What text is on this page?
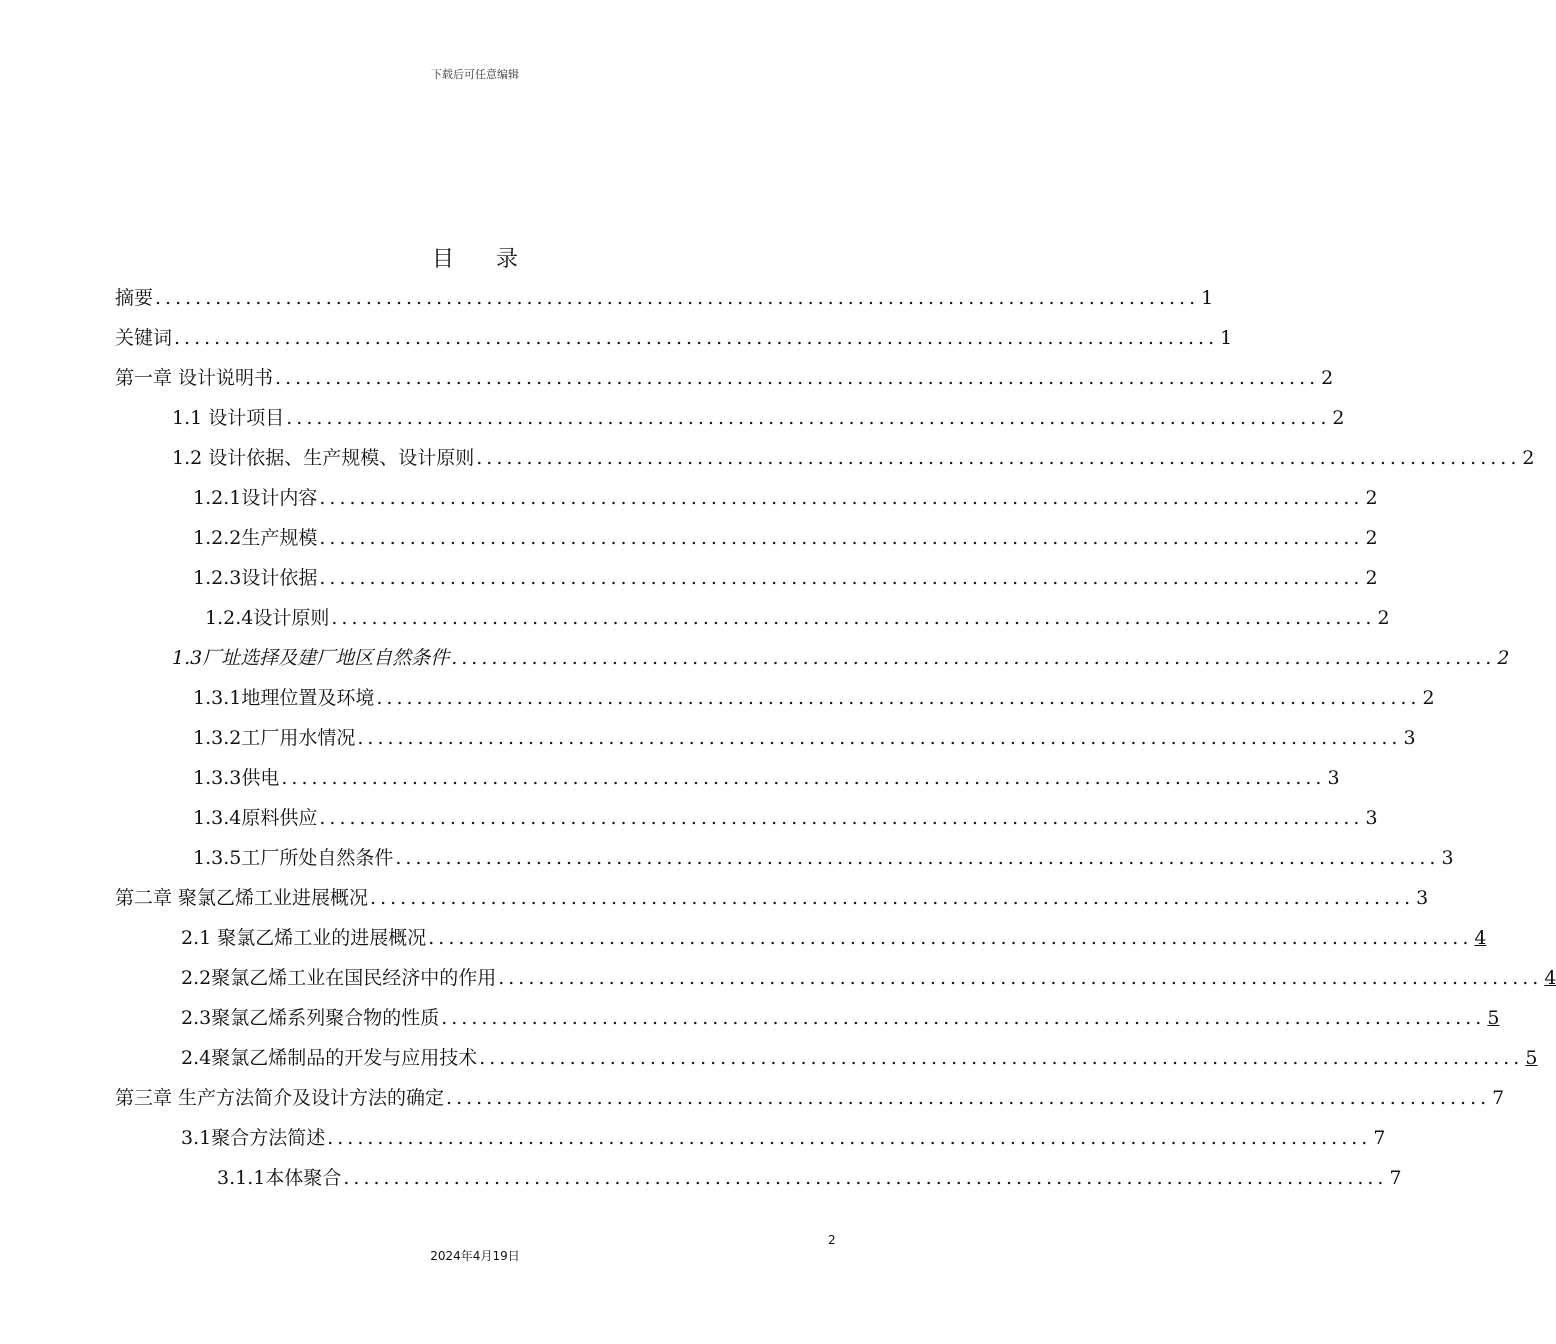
下载后可任意编辑
目录
摘要 ........................................................................................................ 1
关键词 ........................................................................................................ 1
第一章 设计说明书 ........................................................................................................ 2
1.1 设计项目 ........................................................................................................ 2
1.2 设计依据、生产规模、设计原则 ........................................................................................................ 2
1.2.1设计内容 ........................................................................................................ 2
1.2.2生产规模 ........................................................................................................ 2
1.2.3设计依据 ........................................................................................................ 2
1.2.4设计原则 ........................................................................................................ 2
1.3厂址选择及建厂地区自然条件 ........................................................................................................ 2
1.3.1地理位置及环境 ........................................................................................................ 2
1.3.2工厂用水情况 ........................................................................................................ 3
1.3.3供电 ........................................................................................................ 3
1.3.4原料供应 ........................................................................................................ 3
1.3.5工厂所处自然条件 ........................................................................................................ 3
第二章 聚氯乙烯工业进展概况 ........................................................................................................ 3
2.1 聚氯乙烯工业的进展概况 ........................................................................................................ 4
2.2聚氯乙烯工业在国民经济中的作用 ........................................................................................................ 4
2.3聚氯乙烯系列聚合物的性质 ........................................................................................................ 5
2.4聚氯乙烯制品的开发与应用技术 ........................................................................................................ 5
第三章 生产方法简介及设计方法的确定 ........................................................................................................ 7
3.1聚合方法简述 ........................................................................................................ 7
3.1.1本体聚合 ........................................................................................................ 7
2
2024年4月19日
